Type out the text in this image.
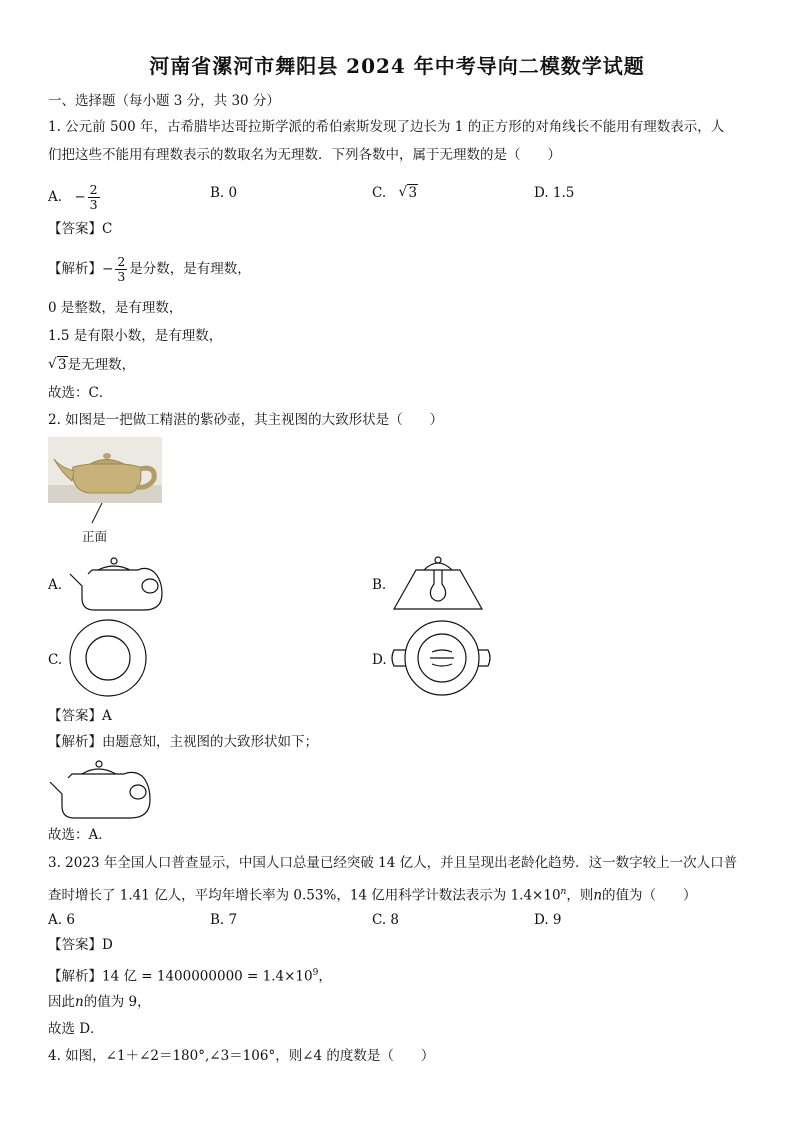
河南省漯河市舞阳县 2024 年中考导向二模数学试题
一、选择题（每小题 3 分，共 30 分）
1. 公元前 500 年，古希腊毕达哥拉斯学派的希伯索斯发现了边长为 1 的正方形的对角线长不能用有理数表示，人
们把这些不能用有理数表示的数取名为无理数．下列各数中，属于无理数的是（　　）
A. − $\frac{2}{3}$	B. 0	C. √ 3	D. 1.5
【答案】C
【解析】− $\frac{2}{3}$ 是分数，是有理数，
0 是整数，是有理数，
1.5 是有限小数，是有理数，
√ 3是无理数，
故选：C．
2. 如图是一把做工精湛的紫砂壶，其主视图的大致形状是（　　）
正面
A.	B.
C.	D.
【答案】A
【解析】由题意知，主视图的大致形状如下；
故选：A．
3. 2023 年全国人口普查显示，中国人口总量已经突破 14 亿人，并且呈现出老龄化趋势．这一数字较上一次人口普
查时增长了 1.41 亿人，平均年增长率为 0.53%，14 亿用科学计数法表示为 $1.4\times 10^n$，则n的值为（　　）
A. 6	B. 7	C. 8	D. 9
【答案】D
【解析】14 亿 = $1400000000 = 1.4\times 10^9$，
因此n的值为 9，
故选 D．
4. 如图，∠1＋∠2＝180°,∠3＝106°，则∠4 的度数是（　　）
